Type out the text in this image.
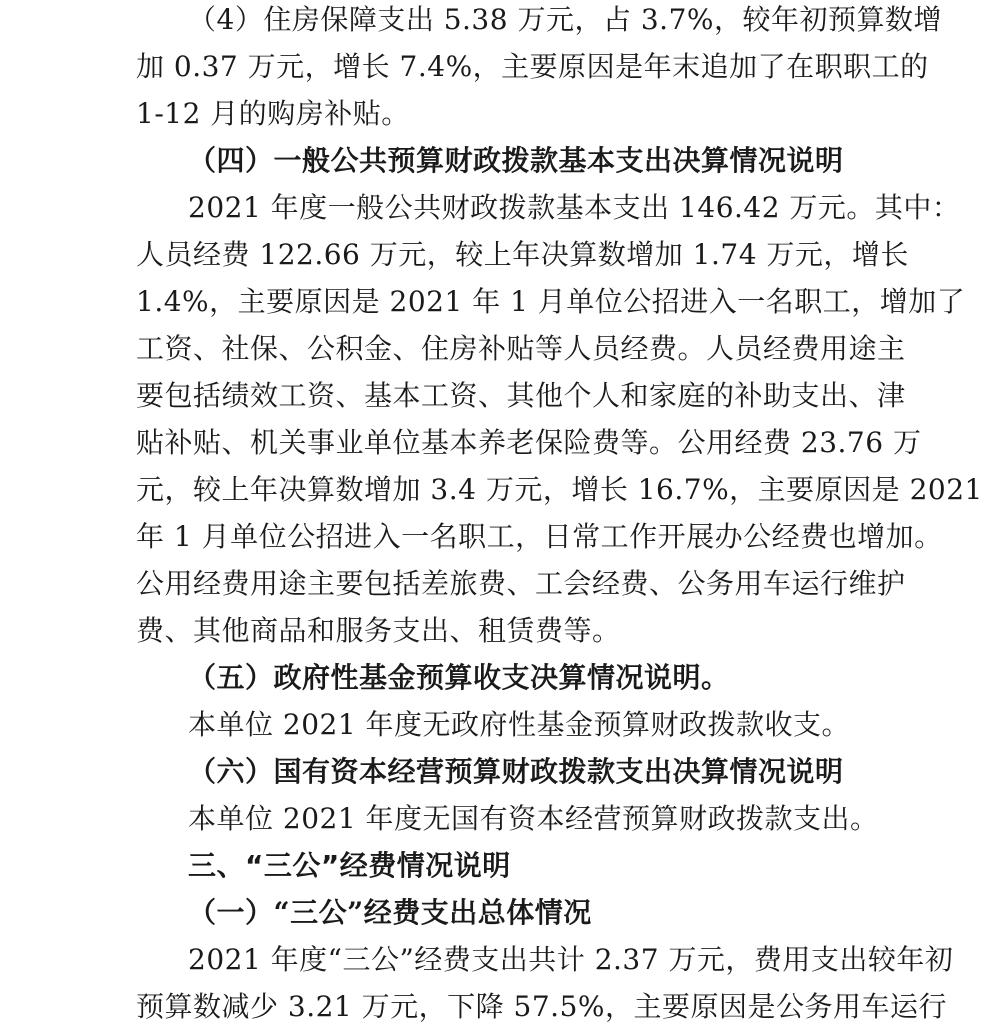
（4）住房保障支出 5.38 万元，占 3.7%，较年初预算数增
加 0.37 万元，增长 7.4%，主要原因是年末追加了在职职工的
1-12 月的购房补贴。
（四）一般公共预算财政拨款基本支出决算情况说明
2021 年度一般公共财政拨款基本支出 146.42 万元。其中：
人员经费 122.66 万元，较上年决算数增加 1.74 万元，增长
1.4%，主要原因是 2021 年 1 月单位公招进入一名职工，增加了
工资、社保、公积金、住房补贴等人员经费。人员经费用途主
要包括绩效工资、基本工资、其他个人和家庭的补助支出、津
贴补贴、机关事业单位基本养老保险费等。公用经费 23.76 万
元，较上年决算数增加 3.4 万元，增长 16.7%，主要原因是 2021
年 1 月单位公招进入一名职工，日常工作开展办公经费也增加。
公用经费用途主要包括差旅费、工会经费、公务用车运行维护
费、其他商品和服务支出、租赁费等。
（五）政府性基金预算收支决算情况说明。
本单位 2021 年度无政府性基金预算财政拨款收支。
（六）国有资本经营预算财政拨款支出决算情况说明
本单位 2021 年度无国有资本经营预算财政拨款支出。
三、“三公”经费情况说明
（一）“三公”经费支出总体情况
2021 年度“三公”经费支出共计 2.37 万元，费用支出较年初
预算数减少 3.21 万元，下降 57.5%，主要原因是公务用车运行
